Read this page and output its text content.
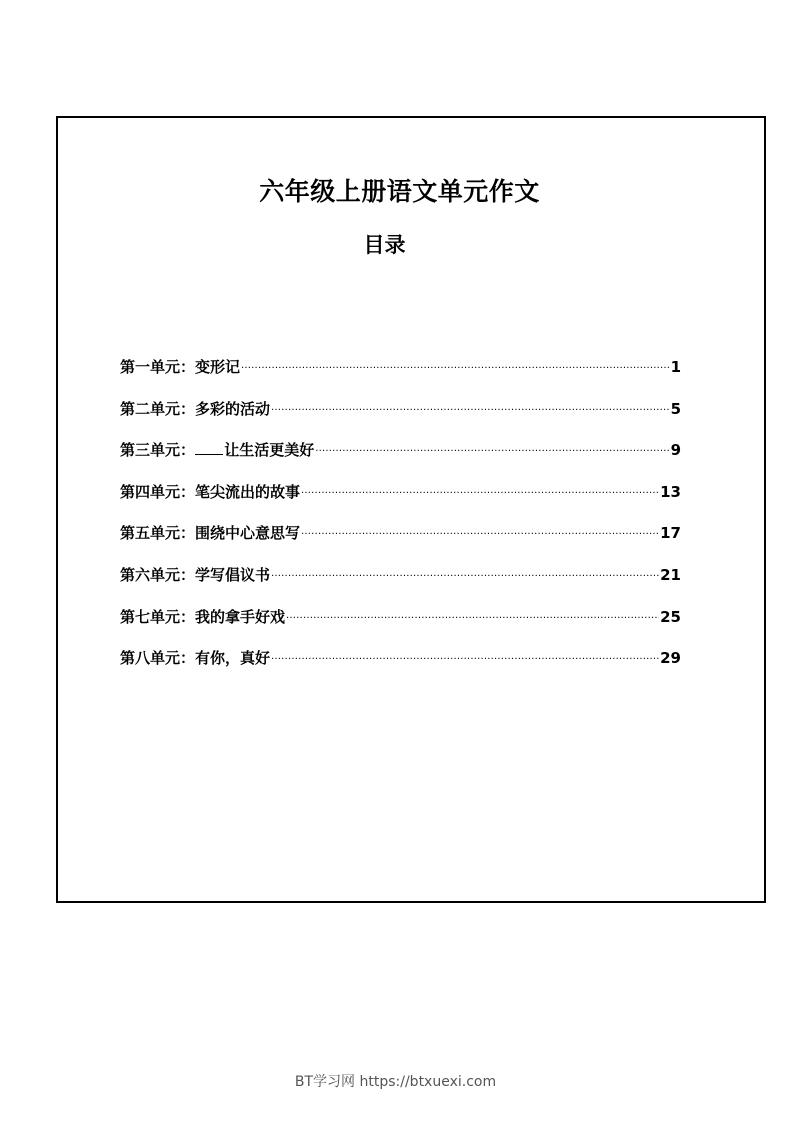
六年级上册语文单元作文
目录
第一单元 ： 变形记 ·····	1
第二单元 ： 多彩的活动 ·····	5
第三单元 ： 让生活更美好 ·····	9
第四单元 ： 笔尖流出的故事 ·····	13
第五单元 ： 围绕中心意思写 ·····	17
第六单元 ： 学写倡议书 ·····	21
第七单元 ： 我的拿手好戏 ·····	25
第八单元 ： 有你，真好 ·····	29
BT学习网 https://btxuexi.com
